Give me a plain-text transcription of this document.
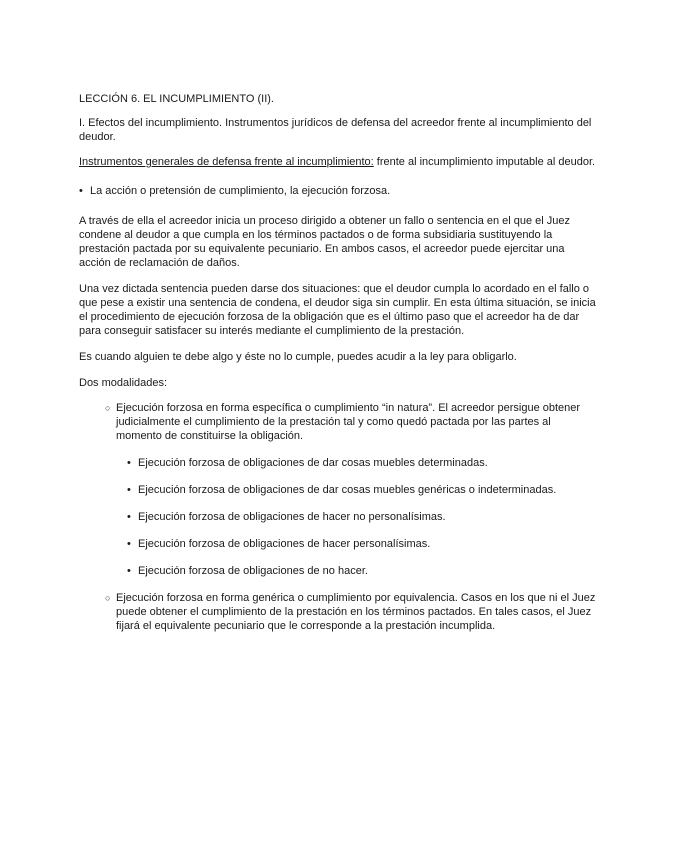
LECCIÓN 6. EL INCUMPLIMIENTO (II).

I. Efectos del incumplimiento. Instrumentos jurídicos de defensa del acreedor frente al incumplimiento del deudor.

Instrumentos generales de defensa frente al incumplimiento: frente al incumplimiento imputable al deudor.

• La acción o pretensión de cumplimiento, la ejecución forzosa.

A través de ella el acreedor inicia un proceso dirigido a obtener un fallo o sentencia en el que el Juez condene al deudor a que cumpla en los términos pactados o de forma subsidiaria sustituyendo la prestación pactada por su equivalente pecuniario. En ambos casos, el acreedor puede ejercitar una acción de reclamación de daños.

Una vez dictada sentencia pueden darse dos situaciones: que el deudor cumpla lo acordado en el fallo o que pese a existir una sentencia de condena, el deudor siga sin cumplir. En esta última situación, se inicia el procedimiento de ejecución forzosa de la obligación que es el último paso que el acreedor ha de dar para conseguir satisfacer su interés mediante el cumplimiento de la prestación.

Es cuando alguien te debe algo y éste no lo cumple, puedes acudir a la ley para obligarlo.

Dos modalidades:

○ Ejecución forzosa en forma específica o cumplimiento “in natura”. El acreedor persigue obtener judicialmente el cumplimiento de la prestación tal y como quedó pactada por las partes al momento de constituirse la obligación.
• Ejecución forzosa de obligaciones de dar cosas muebles determinadas.
• Ejecución forzosa de obligaciones de dar cosas muebles genéricas o indeterminadas.
• Ejecución forzosa de obligaciones de hacer no personalísimas.
• Ejecución forzosa de obligaciones de hacer personalísimas.
• Ejecución forzosa de obligaciones de no hacer.
○ Ejecución forzosa en forma genérica o cumplimiento por equivalencia. Casos en los que ni el Juez puede obtener el cumplimiento de la prestación en los términos pactados. En tales casos, el Juez fijará el equivalente pecuniario que le corresponde a la prestación incumplida.
